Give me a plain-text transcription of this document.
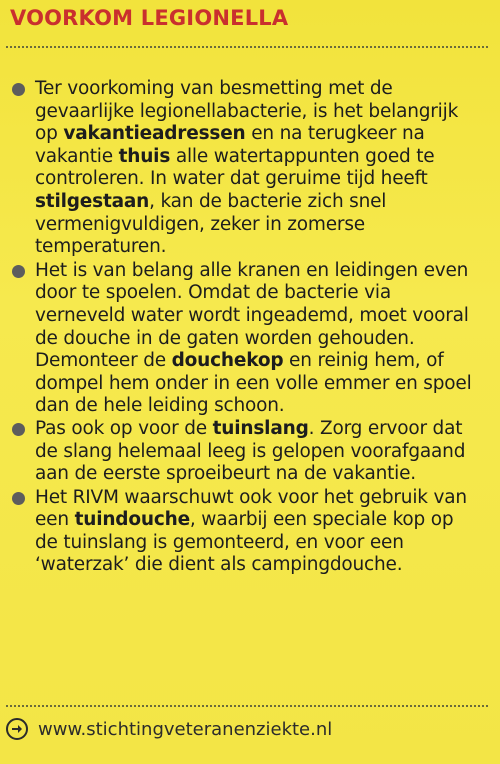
VOORKOM LEGIONELLA
Ter voorkoming van besmetting met de gevaarlijke legionellabacterie, is het belangrijk op vakantieadressen en na terugkeer na vakantie thuis alle watertappunten goed te controleren. In water dat geruime tijd heeft stilgestaan, kan de bacterie zich snel vermenigvuldigen, zeker in zomerse temperaturen.
Het is van belang alle kranen en leidingen even door te spoelen. Omdat de bacterie via verneveld water wordt ingeademd, moet vooral de douche in de gaten worden gehouden. Demonteer de douchekop en reinig hem, of dompel hem onder in een volle emmer en spoel dan de hele leiding schoon.
Pas ook op voor de tuinslang. Zorg ervoor dat de slang helemaal leeg is gelopen voorafgaand aan de eerste sproeibeurt na de vakantie.
Het RIVM waarschuwt ook voor het gebruik van een tuindouche, waarbij een speciale kop op de tuinslang is gemonteerd, en voor een ‘waterzak’ die dient als campingdouche.
www.stichtingveteranenziekte.nl
